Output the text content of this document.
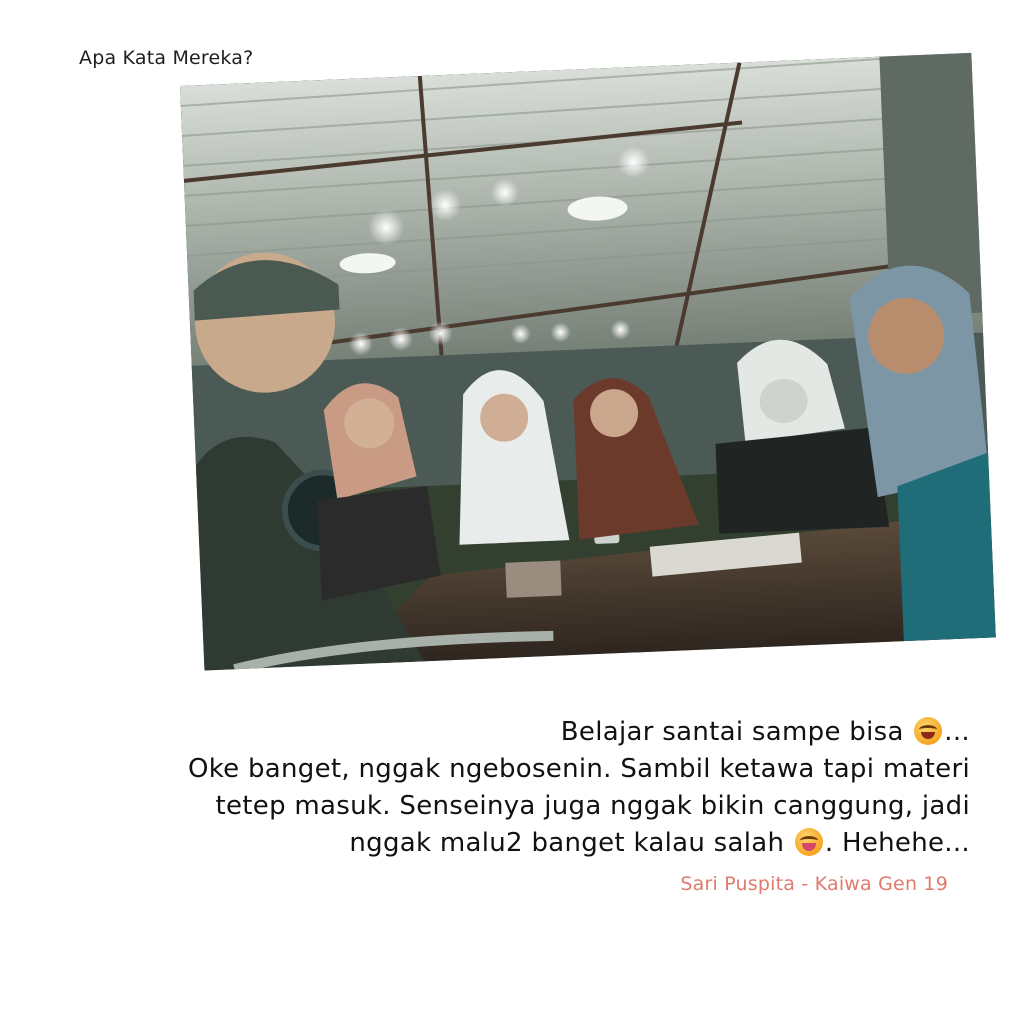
Apa Kata Mereka?
Belajar santai sampe bisa ...
Oke banget, nggak ngebosenin. Sambil ketawa tapi materi
tetep masuk. Senseinya juga nggak bikin canggung, jadi
nggak malu2 banget kalau salah . Hehehe...
Sari Puspita - Kaiwa Gen 19
